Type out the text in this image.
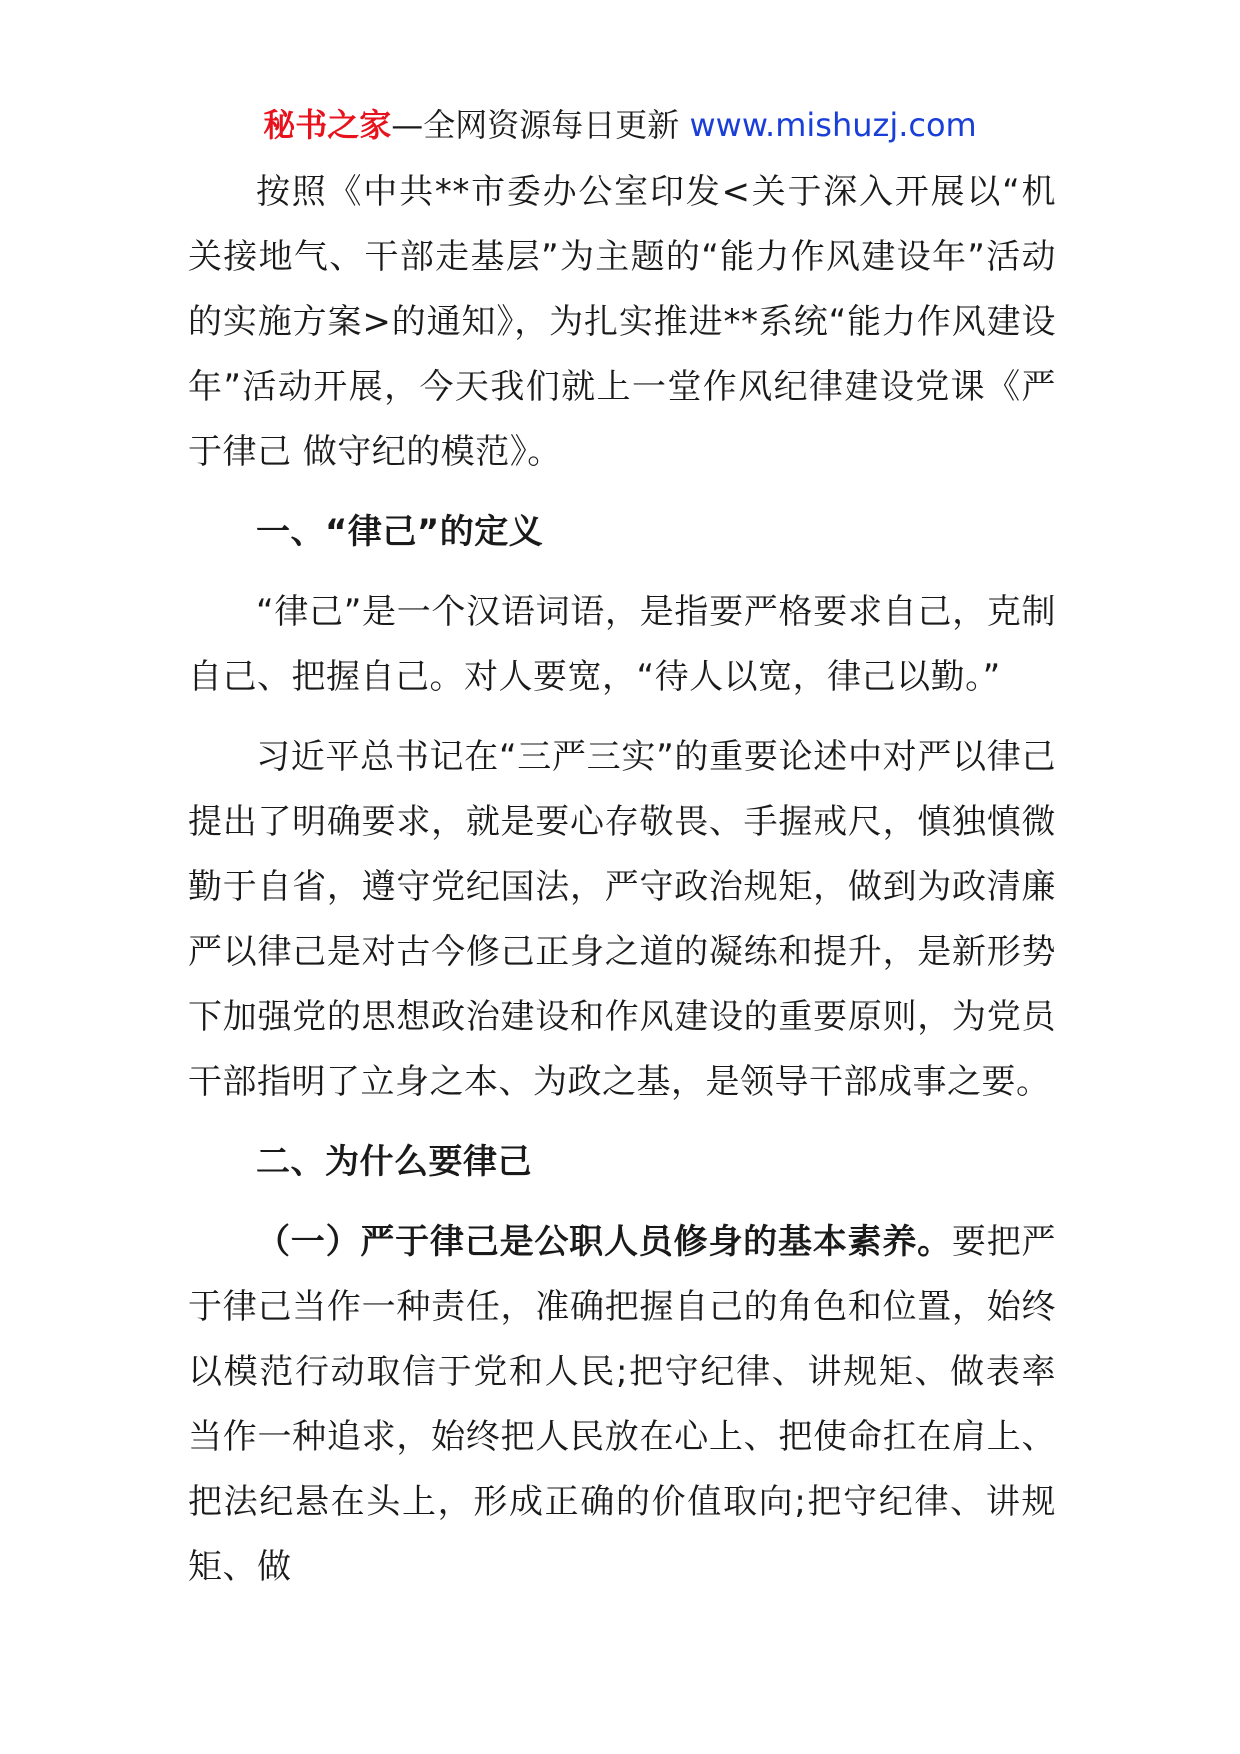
秘书之家—全网资源每日更新 www.mishuzj.com

按照《中共**市委办公室印发<关于深入开展以“机关接地气、干部走基层”为主题的“能力作风建设年”活动的实施方案>的通知》，为扎实推进**系统“能力作风建设年”活动开展，今天我们就上一堂作风纪律建设党课《严于律己 做守纪的模范》。

一、“律己”的定义

“律己”是一个汉语词语，是指要严格要求自己，克制自己、把握自己。对人要宽，“待人以宽，律己以勤。”

习近平总书记在“三严三实”的重要论述中对严以律己提出了明确要求，就是要心存敬畏、手握戒尺，慎独慎微勤于自省，遵守党纪国法，严守政治规矩，做到为政清廉严以律己是对古今修己正身之道的凝练和提升，是新形势下加强党的思想政治建设和作风建设的重要原则，为党员干部指明了立身之本、为政之基，是领导干部成事之要。

二、为什么要律己

（一）严于律己是公职人员修身的基本素养。要把严于律己当作一种责任，准确把握自己的角色和位置，始终以模范行动取信于党和人民;把守纪律、讲规矩、做表率当作一种追求，始终把人民放在心上、把使命扛在肩上、把法纪悬在头上，形成正确的价值取向;把守纪律、讲规矩、做
